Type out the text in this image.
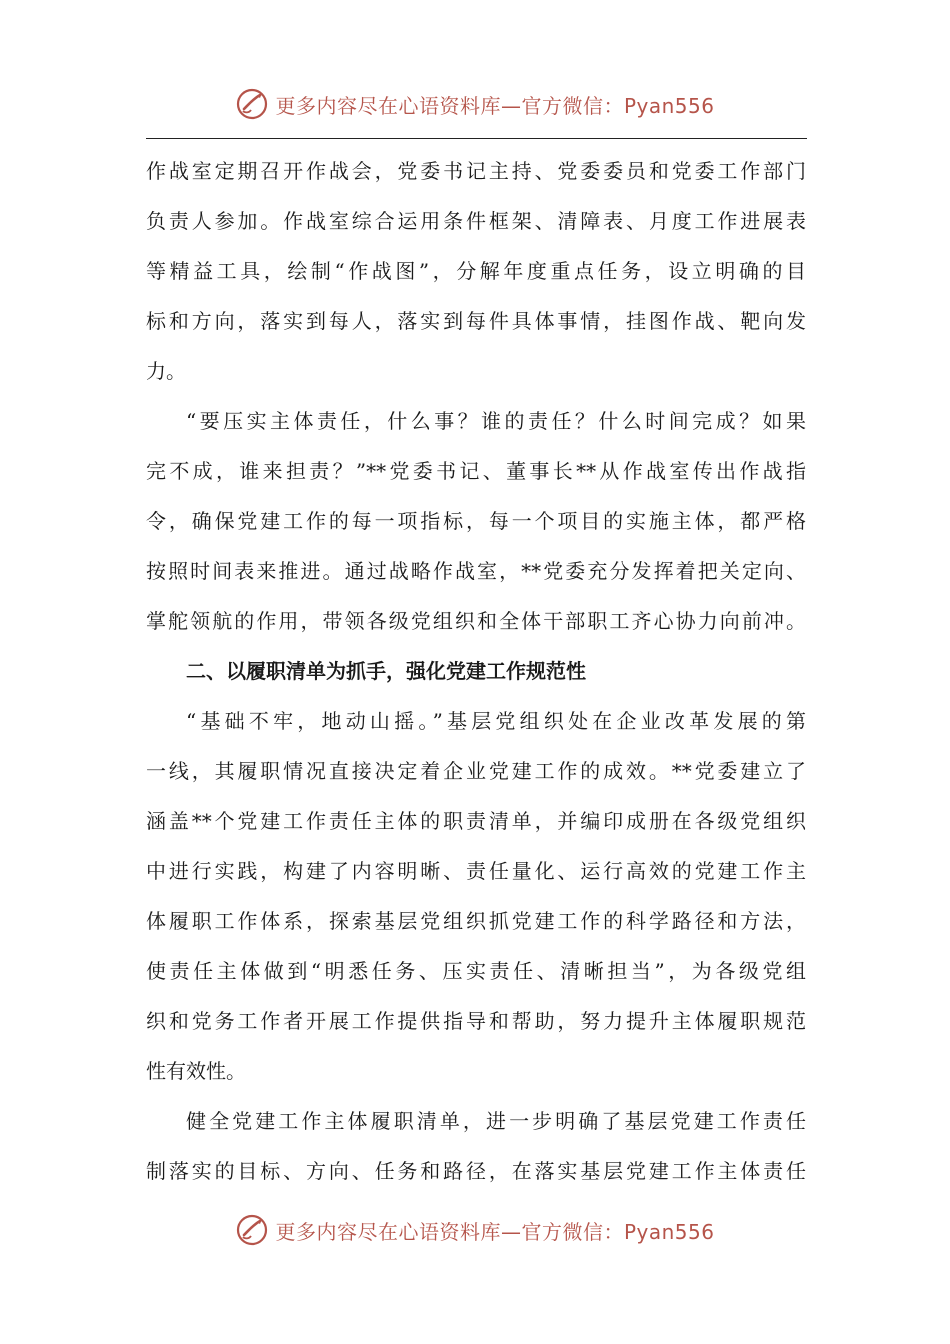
更多内容尽在心语资料库—官方微信：Pyan556
作战室定期召开作战会，党委书记主持、党委委员和党委工作部门
负责人参加。作战室综合运用条件框架、清障表、月度工作进展表
等精益工具，绘制“作战图”，分解年度重点任务，设立明确的目
标和方向，落实到每人，落实到每件具体事情，挂图作战、靶向发
力。
“要压实主体责任，什么事？谁的责任？什么时间完成？如果
完不成，谁来担责？”**党委书记、董事长**从作战室传出作战指
令，确保党建工作的每一项指标，每一个项目的实施主体，都严格
按照时间表来推进。通过战略作战室，**党委充分发挥着把关定向、
掌舵领航的作用，带领各级党组织和全体干部职工齐心协力向前冲。
二、以履职清单为抓手，强化党建工作规范性
“基础不牢，地动山摇。”基层党组织处在企业改革发展的第
一线，其履职情况直接决定着企业党建工作的成效。**党委建立了
涵盖**个党建工作责任主体的职责清单，并编印成册在各级党组织
中进行实践，构建了内容明晰、责任量化、运行高效的党建工作主
体履职工作体系，探索基层党组织抓党建工作的科学路径和方法，
使责任主体做到“明悉任务、压实责任、清晰担当”，为各级党组
织和党务工作者开展工作提供指导和帮助，努力提升主体履职规范
性有效性。
健全党建工作主体履职清单，进一步明确了基层党建工作责任
制落实的目标、方向、任务和路径，在落实基层党建工作主体责任
更多内容尽在心语资料库—官方微信：Pyan556
